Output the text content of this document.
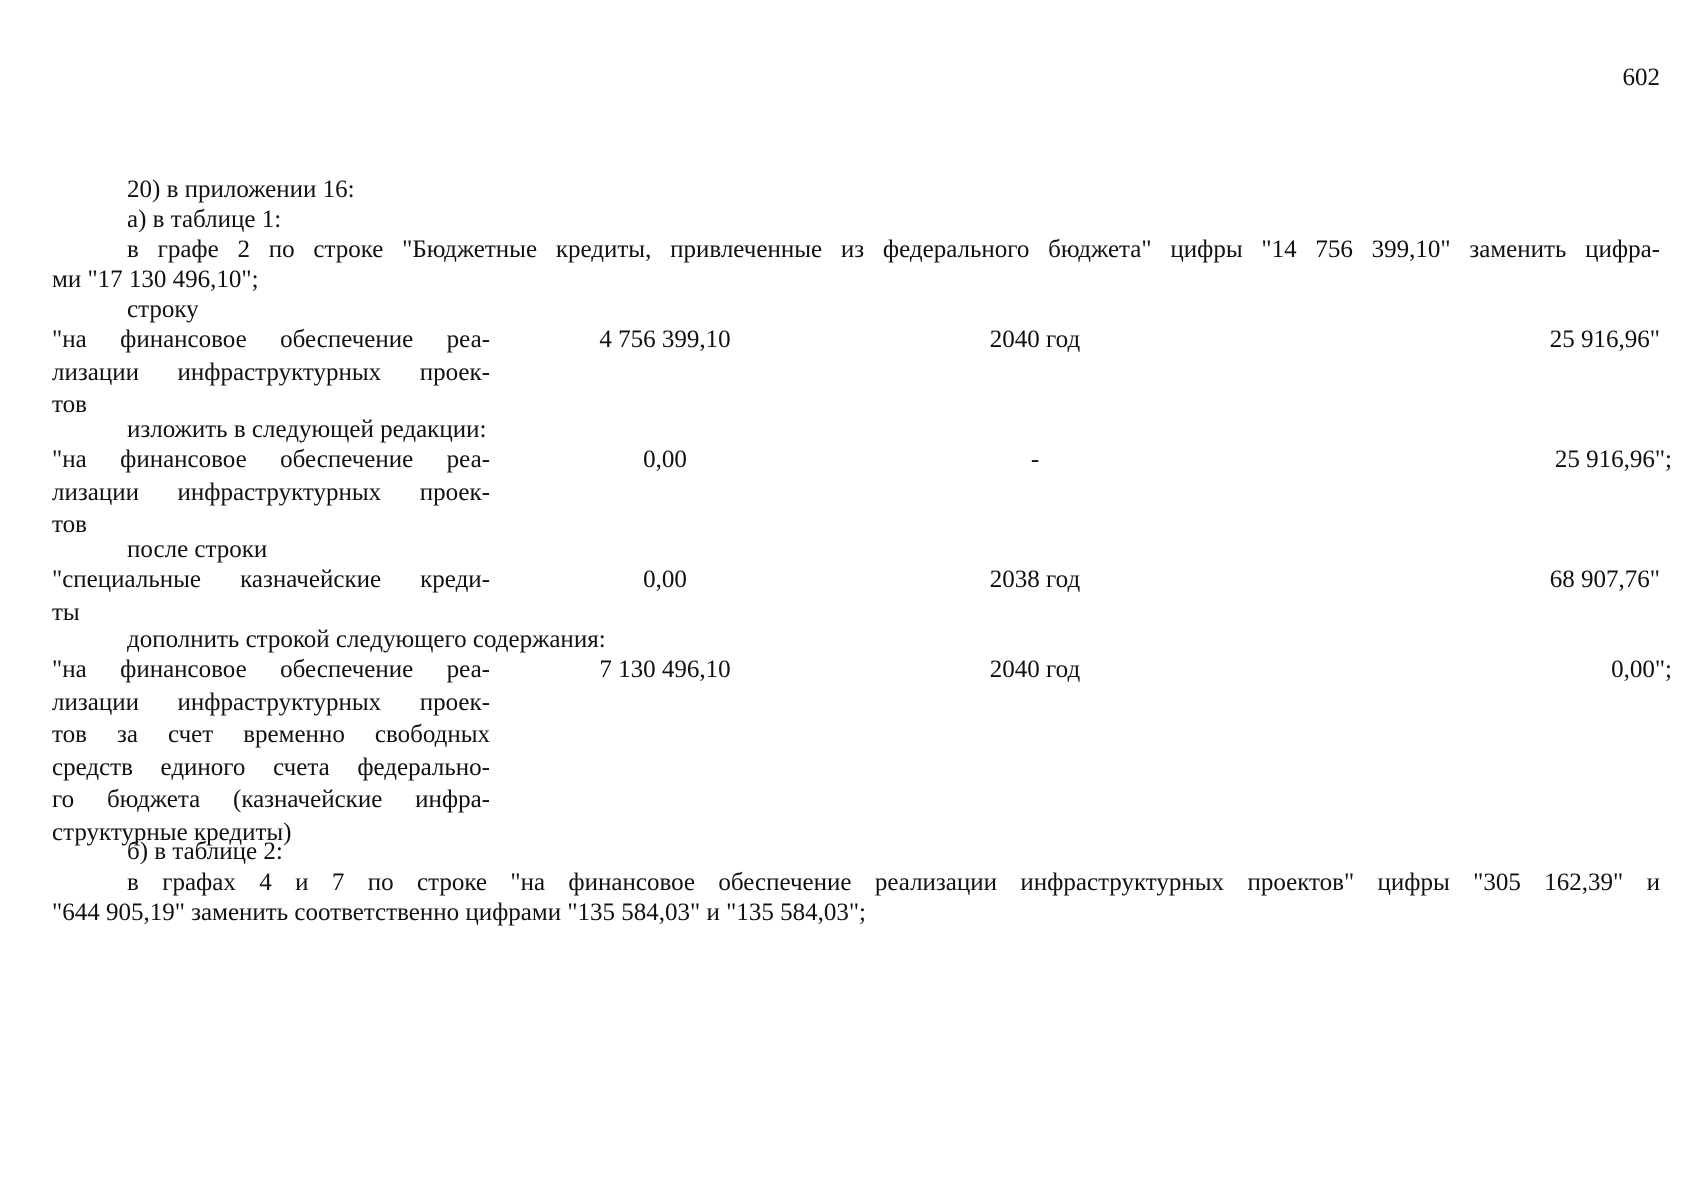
602
20) в приложении 16:
а) в таблице 1:
в графе 2 по строке "Бюджетные кредиты, привлеченные из федерального бюджета" цифры "14 756 399,10" заменить цифра-
ми "17 130 496,10";
строку
"на финансовое обеспечение реа-
лизации инфраструктурных проек-
тов
4 756 399,10	2040 год	25 916,96"
изложить в следующей редакции:
"на финансовое обеспечение реа-
лизации инфраструктурных проек-
тов
0,00	-	25 916,96";
после строки
"специальные казначейские креди-
ты
0,00	2038 год	68 907,76"
дополнить строкой следующего содержания:
"на финансовое обеспечение реа-
лизации инфраструктурных проек-
тов за счет временно свободных
средств единого счета федерально-
го бюджета (казначейские инфра-
структурные кредиты)
7 130 496,10	2040 год	0,00";
б) в таблице 2:
в графах 4 и 7 по строке "на финансовое обеспечение реализации инфраструктурных проектов" цифры "305 162,39" и
"644 905,19" заменить соответственно цифрами "135 584,03" и "135 584,03";
